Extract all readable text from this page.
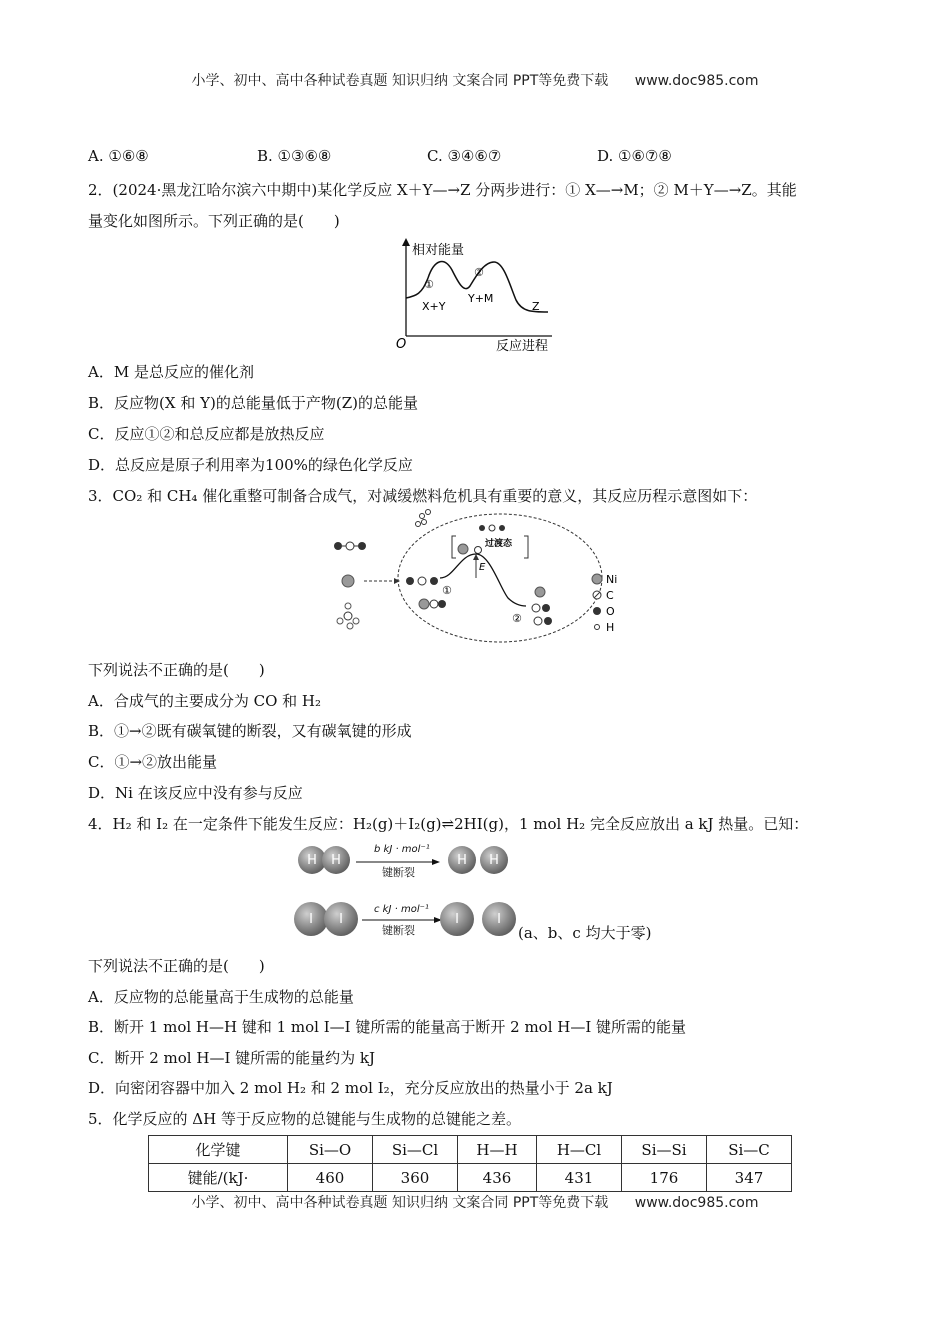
小学、初中、高中各种试卷真题 知识归纳 文案合同 PPT等免费下载 www.doc985.com
A. ①⑥⑧	B. ①③⑥⑧	C. ③④⑥⑦	D. ①⑥⑦⑧
2．(2024·黑龙江哈尔滨六中期中)某化学反应 X＋Y—→Z 分两步进行：① X—→M；② M＋Y—→Z。其能
量变化如图所示。下列正确的是(　　)
①
②
X+Y
Y+M
Z
相对能量
O	反应进程
A．M 是总反应的催化剂
B．反应物(X 和 Y)的总能量低于产物(Z)的总能量
C．反应①②和总反应都是放热反应
D．总反应是原子利用率为100%的绿色化学反应
3．CO₂ 和 CH₄ 催化重整可制备合成气，对减缓燃料危机具有重要的意义，其反应历程示意图如下：
过渡态
E
①
②
Ni
C
O
H
下列说法不正确的是(　　)
A．合成气的主要成分为 CO 和 H₂
B．①→②既有碳氧键的断裂，又有碳氧键的形成
C．①→②放出能量
D．Ni 在该反应中没有参与反应
4．H₂ 和 I₂ 在一定条件下能发生反应：H₂(g)＋I₂(g)⇌2HI(g)，1 mol H₂ 完全反应放出 a kJ 热量。已知：
H	H
b kJ · mol⁻¹
键断裂
H	H
I	I
c kJ · mol⁻¹
键断裂
I	I
(a、b、c 均大于零)
下列说法不正确的是(　　)
A．反应物的总能量高于生成物的总能量
B．断开 1 mol H—H 键和 1 mol I—I 键所需的能量高于断开 2 mol H—I 键所需的能量
C．断开 2 mol H—I 键所需的能量约为 kJ
D．向密闭容器中加入 2 mol H₂ 和 2 mol I₂，充分反应放出的热量小于 2a kJ
5．化学反应的 ΔH 等于反应物的总键能与生成物的总键能之差。
化学键	Si—O	Si—Cl	H—H	H—Cl	Si—Si	Si—C
键能/(kJ·	460	360	436	431	176	347
小学、初中、高中各种试卷真题 知识归纳 文案合同 PPT等免费下载 www.doc985.com
